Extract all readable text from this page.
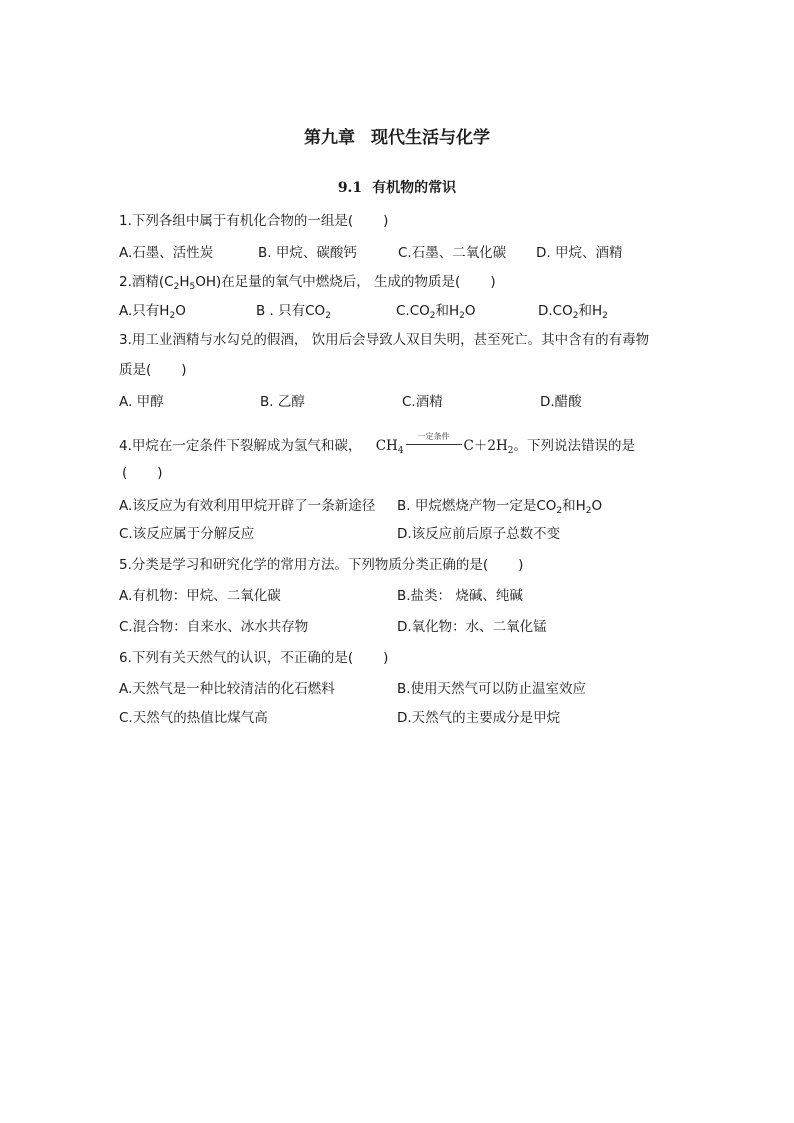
第九章 现代生活与化学
9.1 有机物的常识
1.下列各组中属于有机化合物的一组是( )
A.石墨、活性炭	B. 甲烷、碳酸钙	C.石墨、二氧化碳 D. 甲烷、酒精
2.酒精$(C_2H_5OH)$在足量的氧气中燃烧后， 生成的物质是( )
A.只有$H_2O$	B . 只有$CO_2$	$C.CO_2$和$H_2O$	$D.CO_2$和$H_2$
3.用工业酒精与水勾兑的假酒， 饮用后会导致人双目失明，甚至死亡。其中含有的有毒物
质是( )
A. 甲醇	B. 乙醇	C.酒精	D.醋酸
4.甲烷在一定条件下裂解成为氢气和碳， $CH_4$
一定条件
$C+2H_2$。下列说法错误的是
( )
A.该反应为有效利用甲烷开辟了一条新途径 B. 甲烷燃烧产物一定是$CO_2$和$H_2O$
C.该反应属于分解反应	D.该反应前后原子总数不变
5.分类是学习和研究化学的常用方法。下列物质分类正确的是( )
A.有机物：甲烷、二氧化碳	B.盐类： 烧碱、纯碱
C.混合物：自来水、冰水共存物	D.氧化物：水、二氧化锰
6.下列有关天然气的认识，不正确的是( )
A.天然气是一种比较清洁的化石燃料	B.使用天然气可以防止温室效应
C.天然气的热值比煤气高	D.天然气的主要成分是甲烷
